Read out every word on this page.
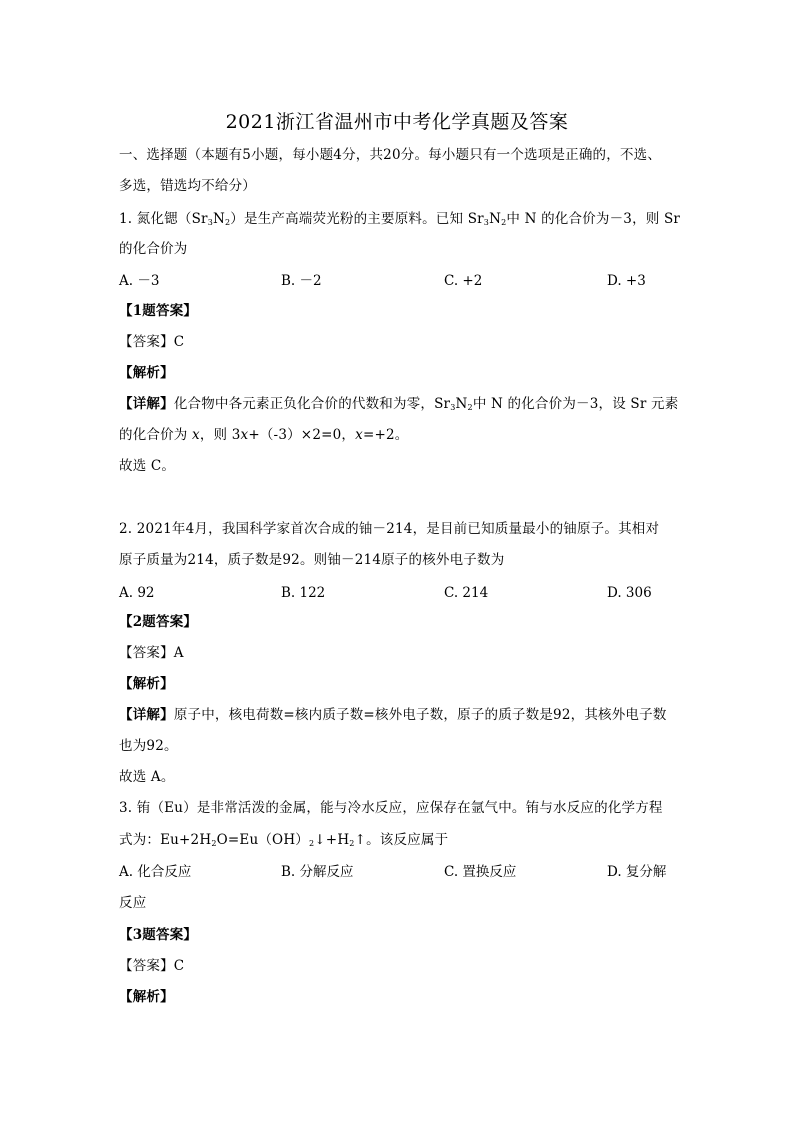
2021浙江省温州市中考化学真题及答案
一、选择题（本题有5小题，每小题4分，共20分。每小题只有一个选项是正确的，不选、
多选，错选均不给分）
1. 氮化锶$(Sr_3N_2)$是生产高端荧光粉的主要原料。已知 $Sr_3N_2$中 N 的化合价为－3，则 Sr
的化合价为
A. －3	B. －2	C. +2	D. +3
【1题答案】
【答案】C
【解析】
【详解】化合物中各元素正负化合价的代数和为零，$Sr_3N_2$中 N 的化合价为－3，设 Sr 元素
的化合价为 x，则 3x+（-3）×2=0，x=+2。
故选 C。
2. 2021年4月，我国科学家首次合成的铀－214，是目前已知质量最小的铀原子。其相对
原子质量为214，质子数是92。则铀－214原子的核外电子数为
A. 92	B. 122	C. 214	D. 306
【2题答案】
【答案】A
【解析】
【详解】原子中，核电荷数=核内质子数=核外电子数，原子的质子数是92，其核外电子数
也为92。
故选 A。
3. 铕（Eu）是非常活泼的金属，能与冷水反应，应保存在氩气中。铕与水反应的化学方程
式为：$Eu+2H_2O=Eu(OH)_2↓+H_2↑$。该反应属于
A. 化合反应	B. 分解反应	C. 置换反应	D. 复分解
反应
【3题答案】
【答案】C
【解析】
